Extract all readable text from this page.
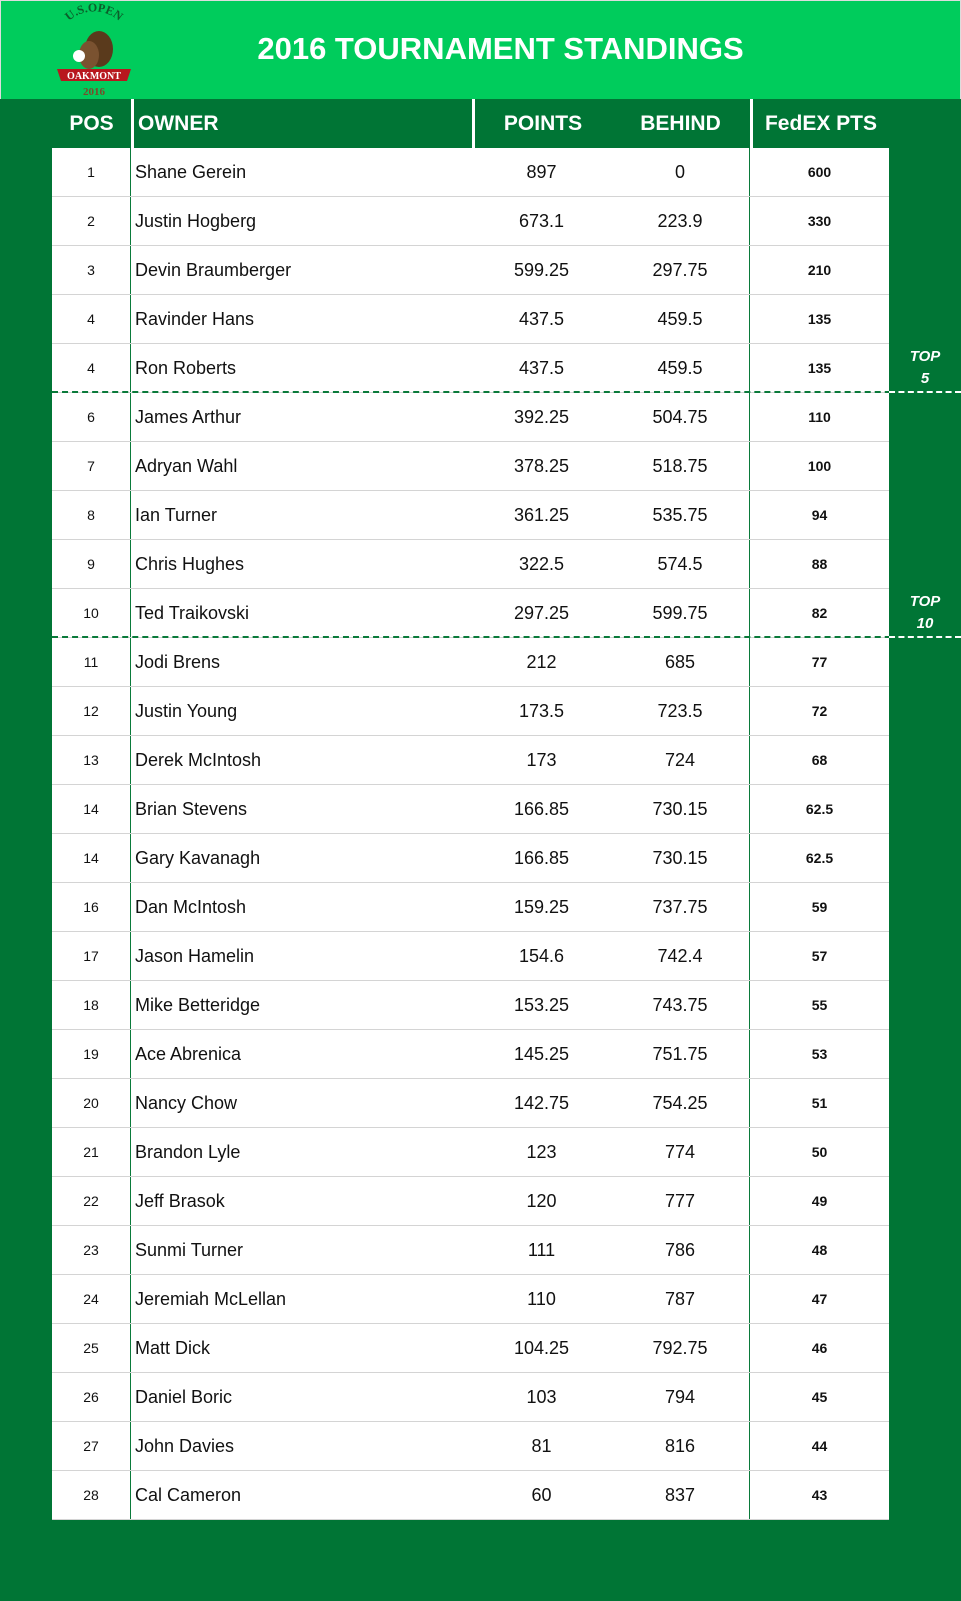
U.S.OPEN
OAKMONT
2016
2016 TOURNAMENT STANDINGS
POS	OWNER	POINTS	BEHIND	FedEX PTS
1	Shane Gerein	897	0	600
2	Justin Hogberg	673.1	223.9	330
3	Devin Braumberger	599.25	297.75	210
4	Ravinder Hans	437.5	459.5	135
4	Ron Roberts	437.5	459.5	135
6	James Arthur	392.25	504.75	110
7	Adryan Wahl	378.25	518.75	100
8	Ian Turner	361.25	535.75	94
9	Chris Hughes	322.5	574.5	88
10	Ted Traikovski	297.25	599.75	82
11	Jodi Brens	212	685	77
12	Justin Young	173.5	723.5	72
13	Derek McIntosh	173	724	68
14	Brian Stevens	166.85	730.15	62.5
14	Gary Kavanagh	166.85	730.15	62.5
16	Dan McIntosh	159.25	737.75	59
17	Jason Hamelin	154.6	742.4	57
18	Mike Betteridge	153.25	743.75	55
19	Ace Abrenica	145.25	751.75	53
20	Nancy Chow	142.75	754.25	51
21	Brandon Lyle	123	774	50
22	Jeff Brasok	120	777	49
23	Sunmi Turner	111	786	48
24	Jeremiah McLellan	110	787	47
25	Matt Dick	104.25	792.75	46
26	Daniel Boric	103	794	45
27	John Davies	81	816	44
28	Cal Cameron	60	837	43
TOP
5
TOP
10
